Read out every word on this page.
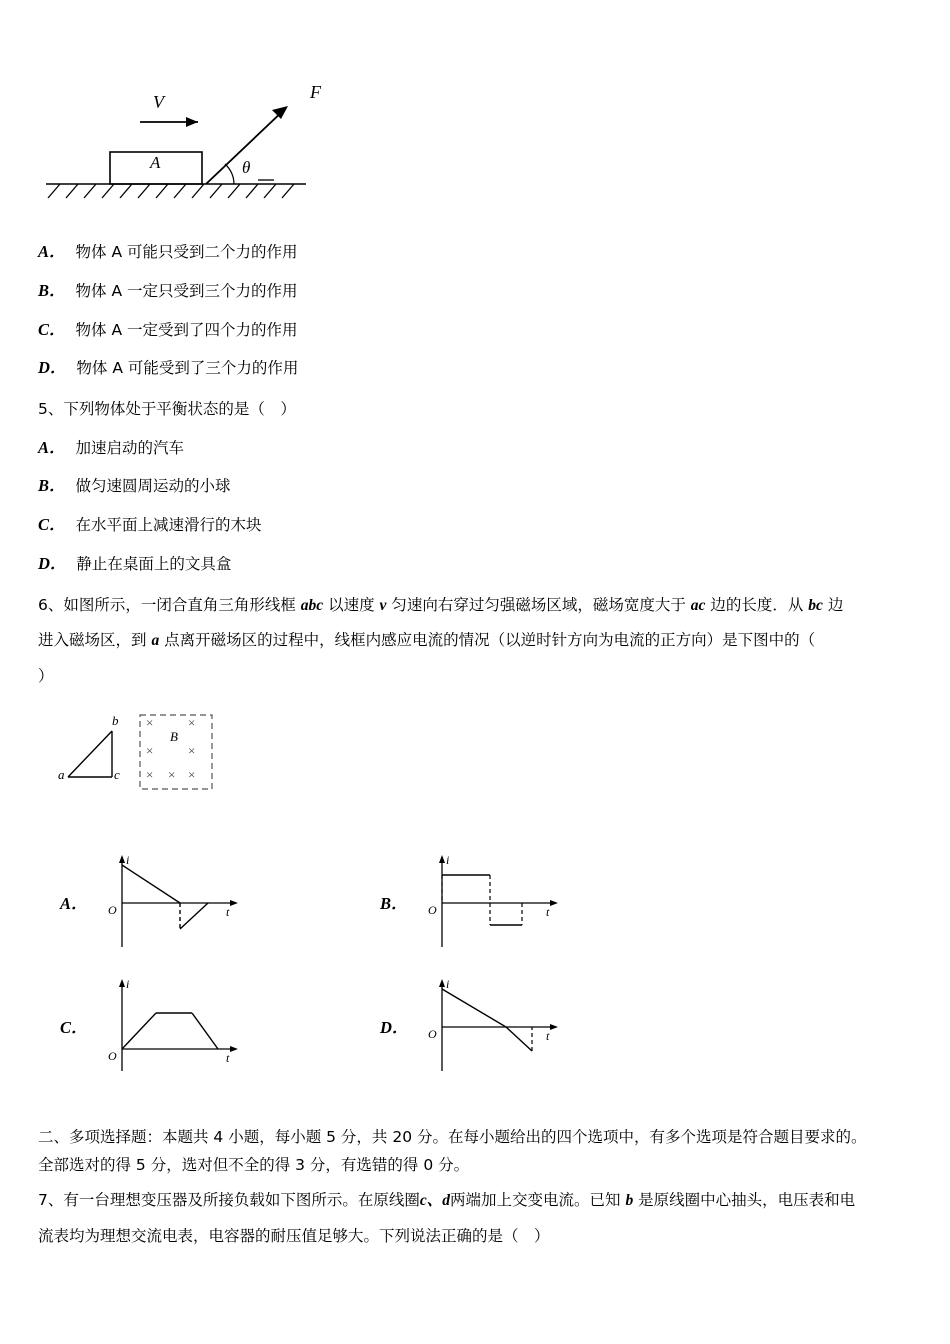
F
V
θ
A
A． 物体 A 可能只受到二个力的作用
B． 物体 A 一定只受到三个力的作用
C． 物体 A 一定受到了四个力的作用
D． 物体 A 可能受到了三个力的作用
5、下列物体处于平衡状态的是（　）
A． 加速启动的汽车
B． 做匀速圆周运动的小球
C． 在水平面上减速滑行的木块
D． 静止在桌面上的文具盒
6、如图所示，一闭合直角三角形线框 abc 以速度 v 匀速向右穿过匀强磁场区域，磁场宽度大于 ac 边的长度．从 bc 边
进入磁场区，到 a 点离开磁场区的过程中，线框内感应电流的情况（以逆时针方向为电流的正方向）是下图中的（
）
b
a	c
B
×	×
×	×
× × ×
A．
i
O	t	B．
i
O	t
C．
i
O	t
D．
i
O	t
二、多项选择题：本题共 4 小题，每小题 5 分，共 20 分。在每小题给出的四个选项中，有多个选项是符合题目要求的。
全部选对的得 5 分，选对但不全的得 3 分，有选错的得 0 分。
7、有一台理想变压器及所接负载如下图所示。在原线圈c、d两端加上交变电流。已知 b 是原线圈中心抽头，电压表和电
流表均为理想交流电表，电容器的耐压值足够大。下列说法正确的是（　）
